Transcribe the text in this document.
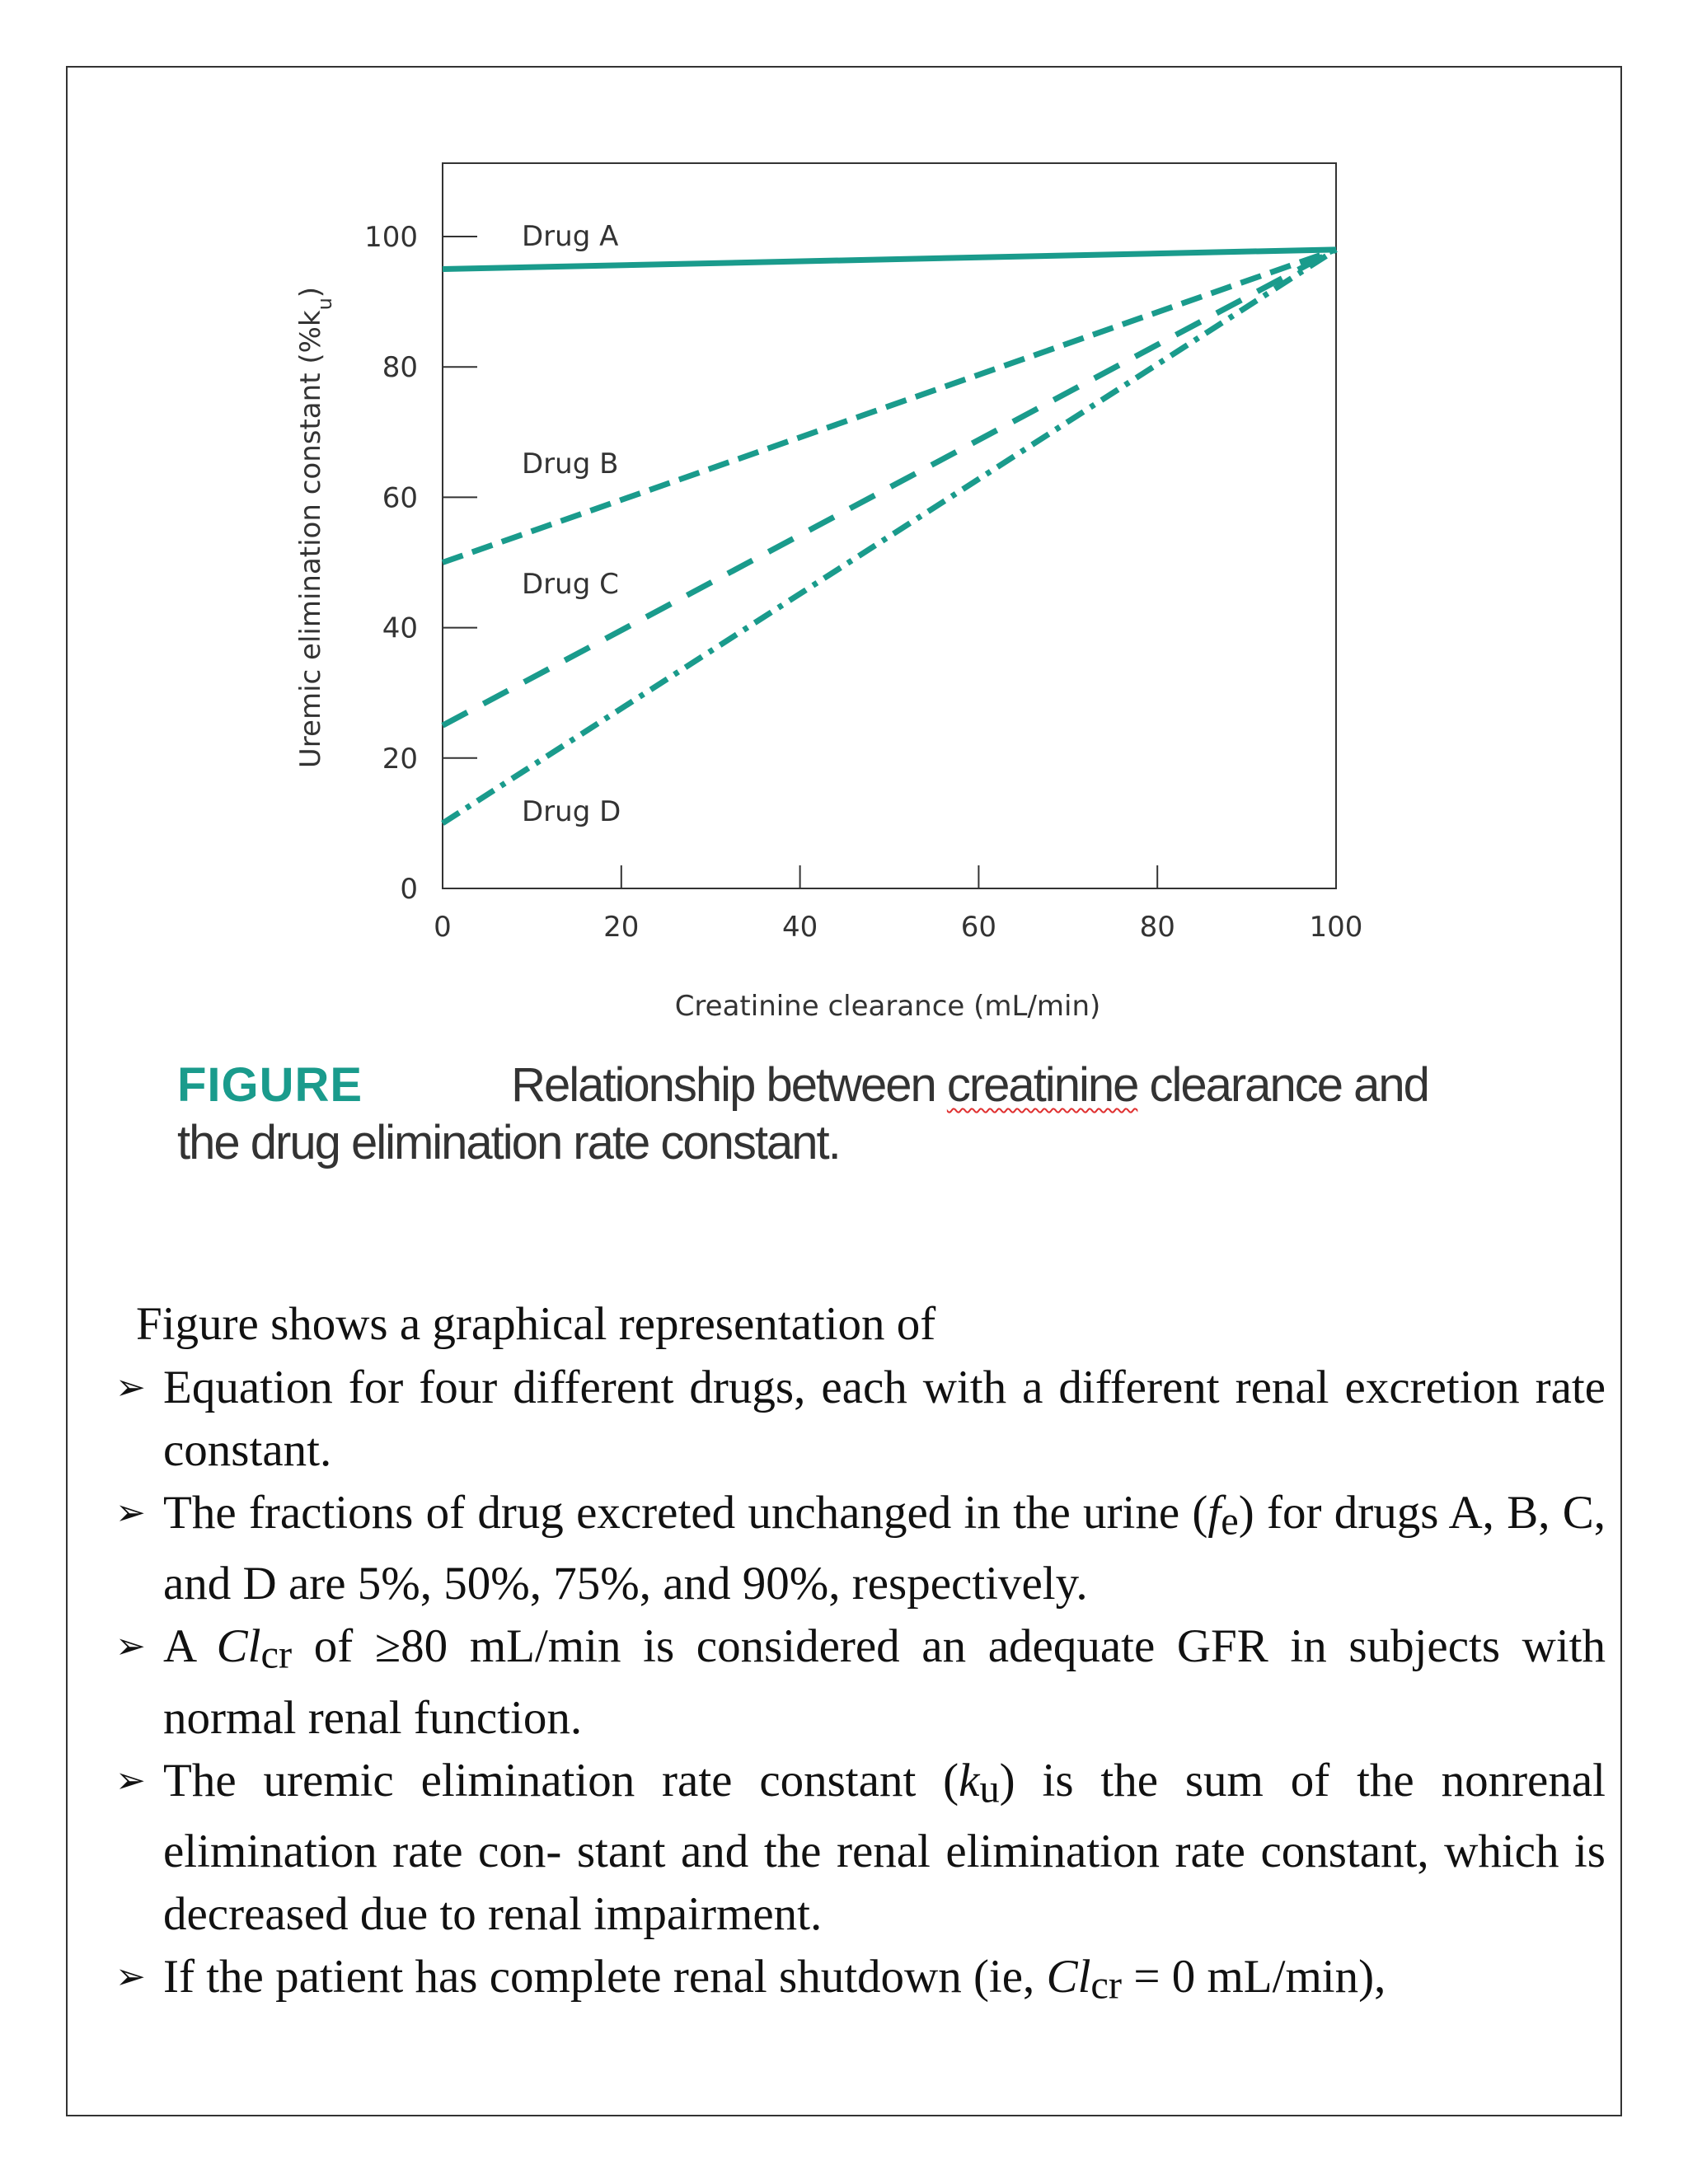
0
20
40
60
80
100
0	20	40	60	80	100
Drug A
Drug B
Drug C
Drug D
Uremic elimination constant $(\%k_u)$
Creatinine clearance (mL/min)
FIGURE	Relationship between creatinine clearance and the drug elimination rate constant.
Figure shows a graphical representation of
➢ Equation for four different drugs, each with a different renal excretion rate constant.
➢ The fractions of drug excreted unchanged in the urine $(f_e)$ for drugs A, B, C, and D are 5%, 50%, 75%, and 90%, respectively.
➢ A $Cl_{cr}$ of ≥80 mL/min is considered an adequate GFR in subjects with normal renal function.
➢ The uremic elimination rate constant $(k_u)$ is the sum of the nonrenal elimination rate con- stant and the renal elimination rate constant, which is decreased due to renal impairment.
➢ If the patient has complete renal shutdown (ie, $Cl_{cr} = 0$ mL/min),
